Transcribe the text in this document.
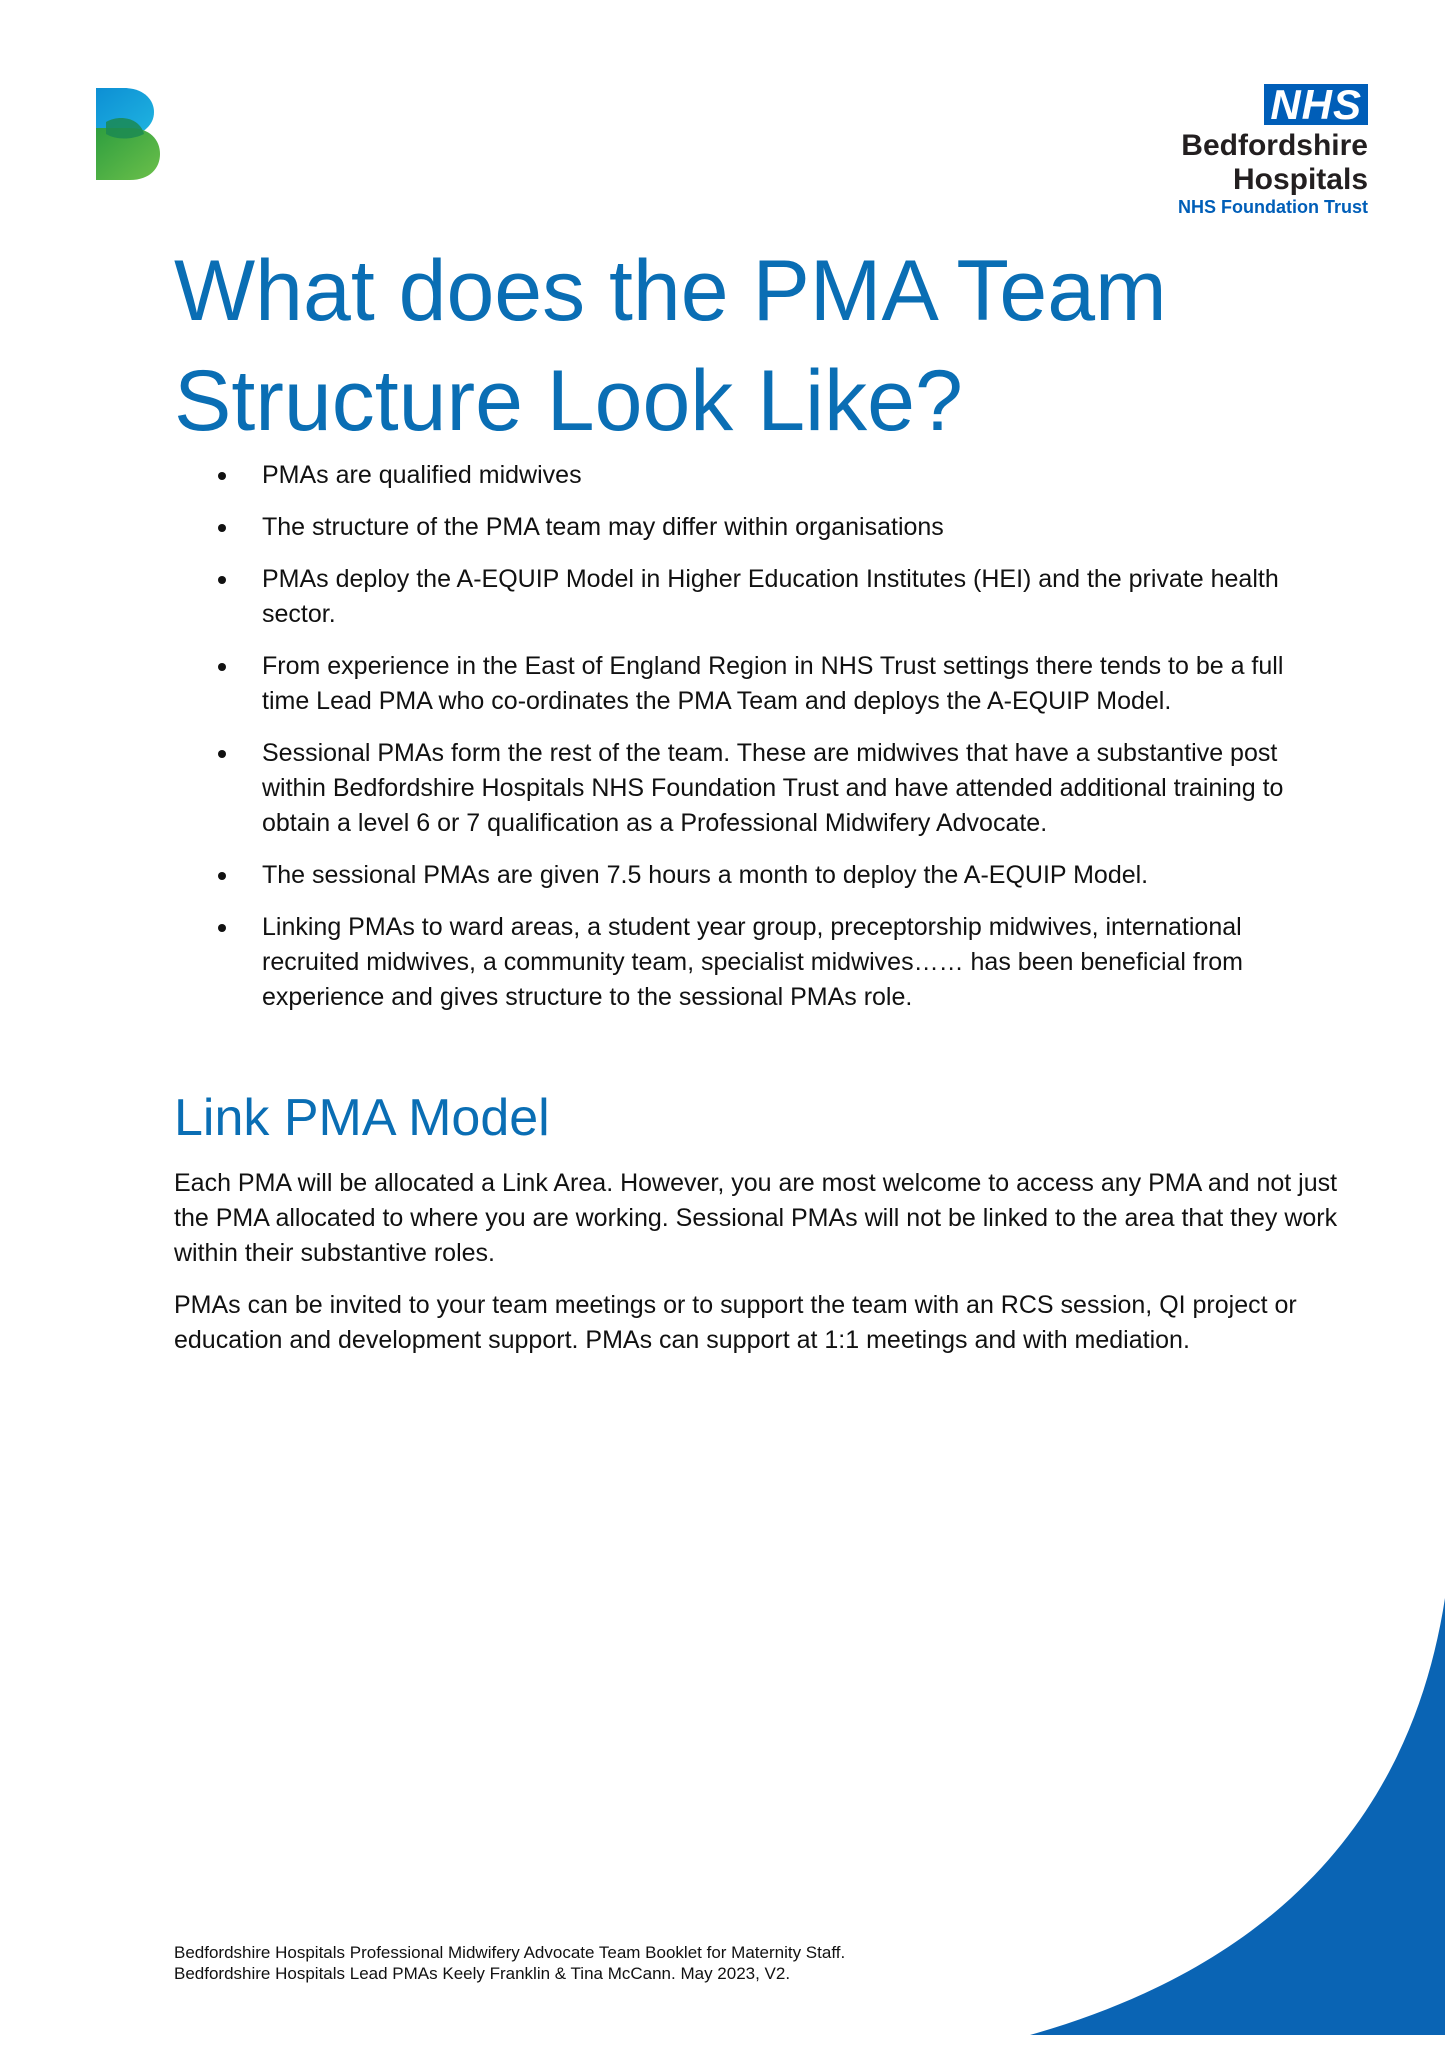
NHS
Bedfordshire Hospitals
NHS Foundation Trust
What does the PMA Team
Structure Look Like?
PMAs are qualified midwives
The structure of the PMA team may differ within organisations
PMAs deploy the A-EQUIP Model in Higher Education Institutes (HEI) and the private health sector.
From experience in the East of England Region in NHS Trust settings there tends to be a full time Lead PMA who co-ordinates the PMA Team and deploys the A-EQUIP Model.
Sessional PMAs form the rest of the team. These are midwives that have a substantive post within Bedfordshire Hospitals NHS Foundation Trust and have attended additional training to obtain a level 6 or 7 qualification as a Professional Midwifery Advocate.
The sessional PMAs are given 7.5 hours a month to deploy the A-EQUIP Model.
Linking PMAs to ward areas, a student year group, preceptorship midwives, international recruited midwives, a community team, specialist midwives…… has been beneficial from experience and gives structure to the sessional PMAs role.
Link PMA Model

Each PMA will be allocated a Link Area. However, you are most welcome to access any PMA and not just the PMA allocated to where you are working. Sessional PMAs will not be linked to the area that they work within their substantive roles.

PMAs can be invited to your team meetings or to support the team with an RCS session, QI project or education and development support. PMAs can support at 1:1 meetings and with mediation.

Bedfordshire Hospitals Professional Midwifery Advocate Team Booklet for Maternity Staff.
Bedfordshire Hospitals Lead PMAs Keely Franklin & Tina McCann. May 2023, V2.
